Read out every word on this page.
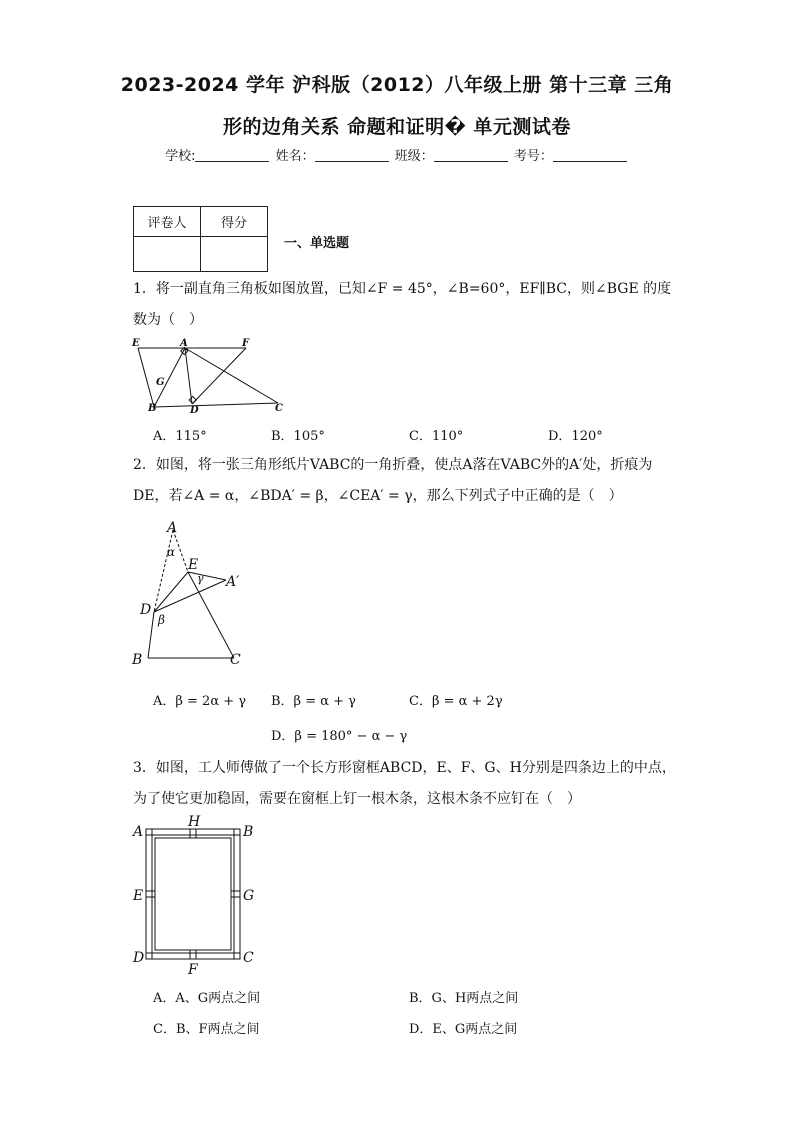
2023-2024 学年 沪科版（2012）八年级上册 第十三章 三角
形的边角关系 命题和证明� 单元测试卷
学校:	姓名：	班级：	考号：
评卷人	得分

一、单选题
1．将一副直角三角板如图放置，已知∠F = 45°，∠B=60°，EF∥BC，则∠BGE 的度
数为（　）
E	A	F
G
B	D	C
A．115°	B．105°	C．110°	D．120°
2．如图，将一张三角形纸片VABC的一角折叠，使点A落在VABC外的A′处，折痕为
DE，若∠A = α，∠BDA′ = β，∠CEA′ = γ，那么下列式子中正确的是（　）
A
α
E
γ A′
D
β
B	C
A．β = 2α + γ B．β = α + γ	C．β = α + 2γ
D．β = 180° − α − γ
3．如图，工人师傅做了一个长方形窗框ABCD，E、F、G、H分别是四条边上的中点，
为了使它更加稳固，需要在窗框上钉一根木条，这根木条不应钉在（　）
A
H
B
E	G
D
F
C
A．A、G两点之间	B．G、H两点之间
C．B、F两点之间	D．E、G两点之间
